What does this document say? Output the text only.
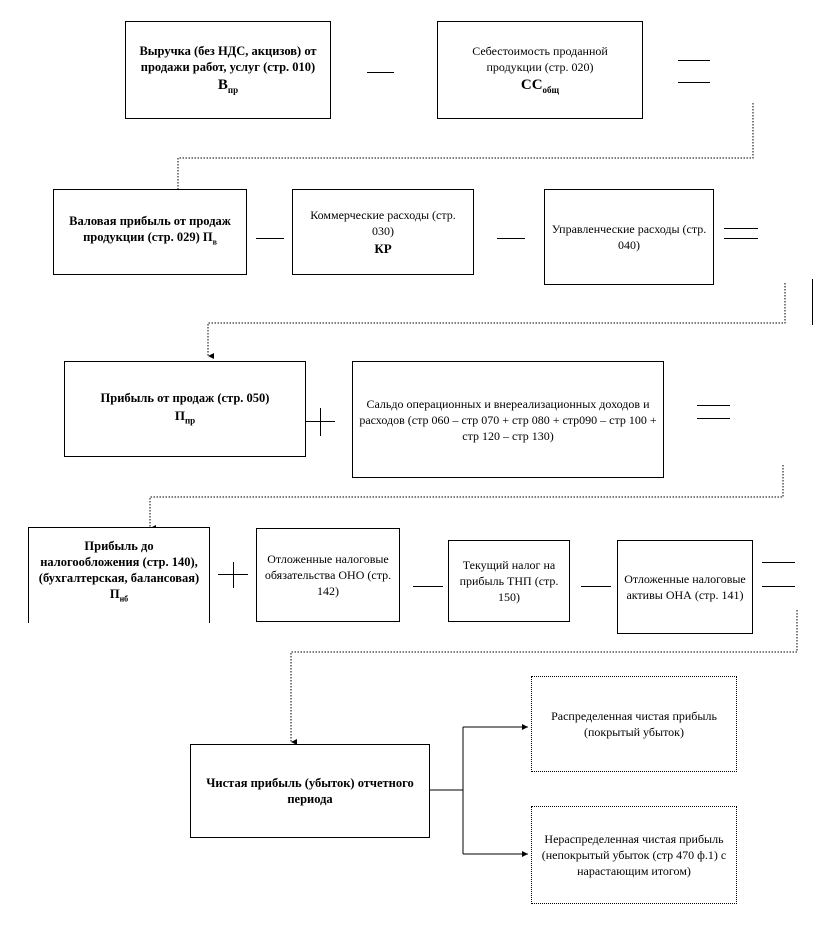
Выручка (без НДС, акцизов) от продажи работ, услуг (стр. 010)
$В_{пр}$
Себестоимость проданной продукции (стр. 020)
$СС_{общ}$
Валовая прибыль от продаж продукции (стр. 029) $П_в$
Коммерческие расходы (стр. 030)
КР
Управленческие расходы (стр. 040)
Прибыль от продаж (стр. 050)
$П_{пр}$
Сальдо операционных и внереализационных доходов и расходов (стр 060 – стр 070 + стр 080 + стр090 – стр 100 + стр 120 – стр 130)
Прибыль до налогообложения (стр. 140), (бухгалтерская, балансовая) $П_{нб}$
Отложенные налоговые обязательства ОНО (стр. 142)
Текущий налог на прибыль ТНП (стр. 150)
Отложенные налоговые активы ОНА (стр. 141)
Чистая прибыль (убыток) отчетного периода
Распределенная чистая прибыль (покрытый убыток)
Нераспределенная чистая прибыль (непокрытый убыток (стр 470 ф.1) с нарастающим итогом)
